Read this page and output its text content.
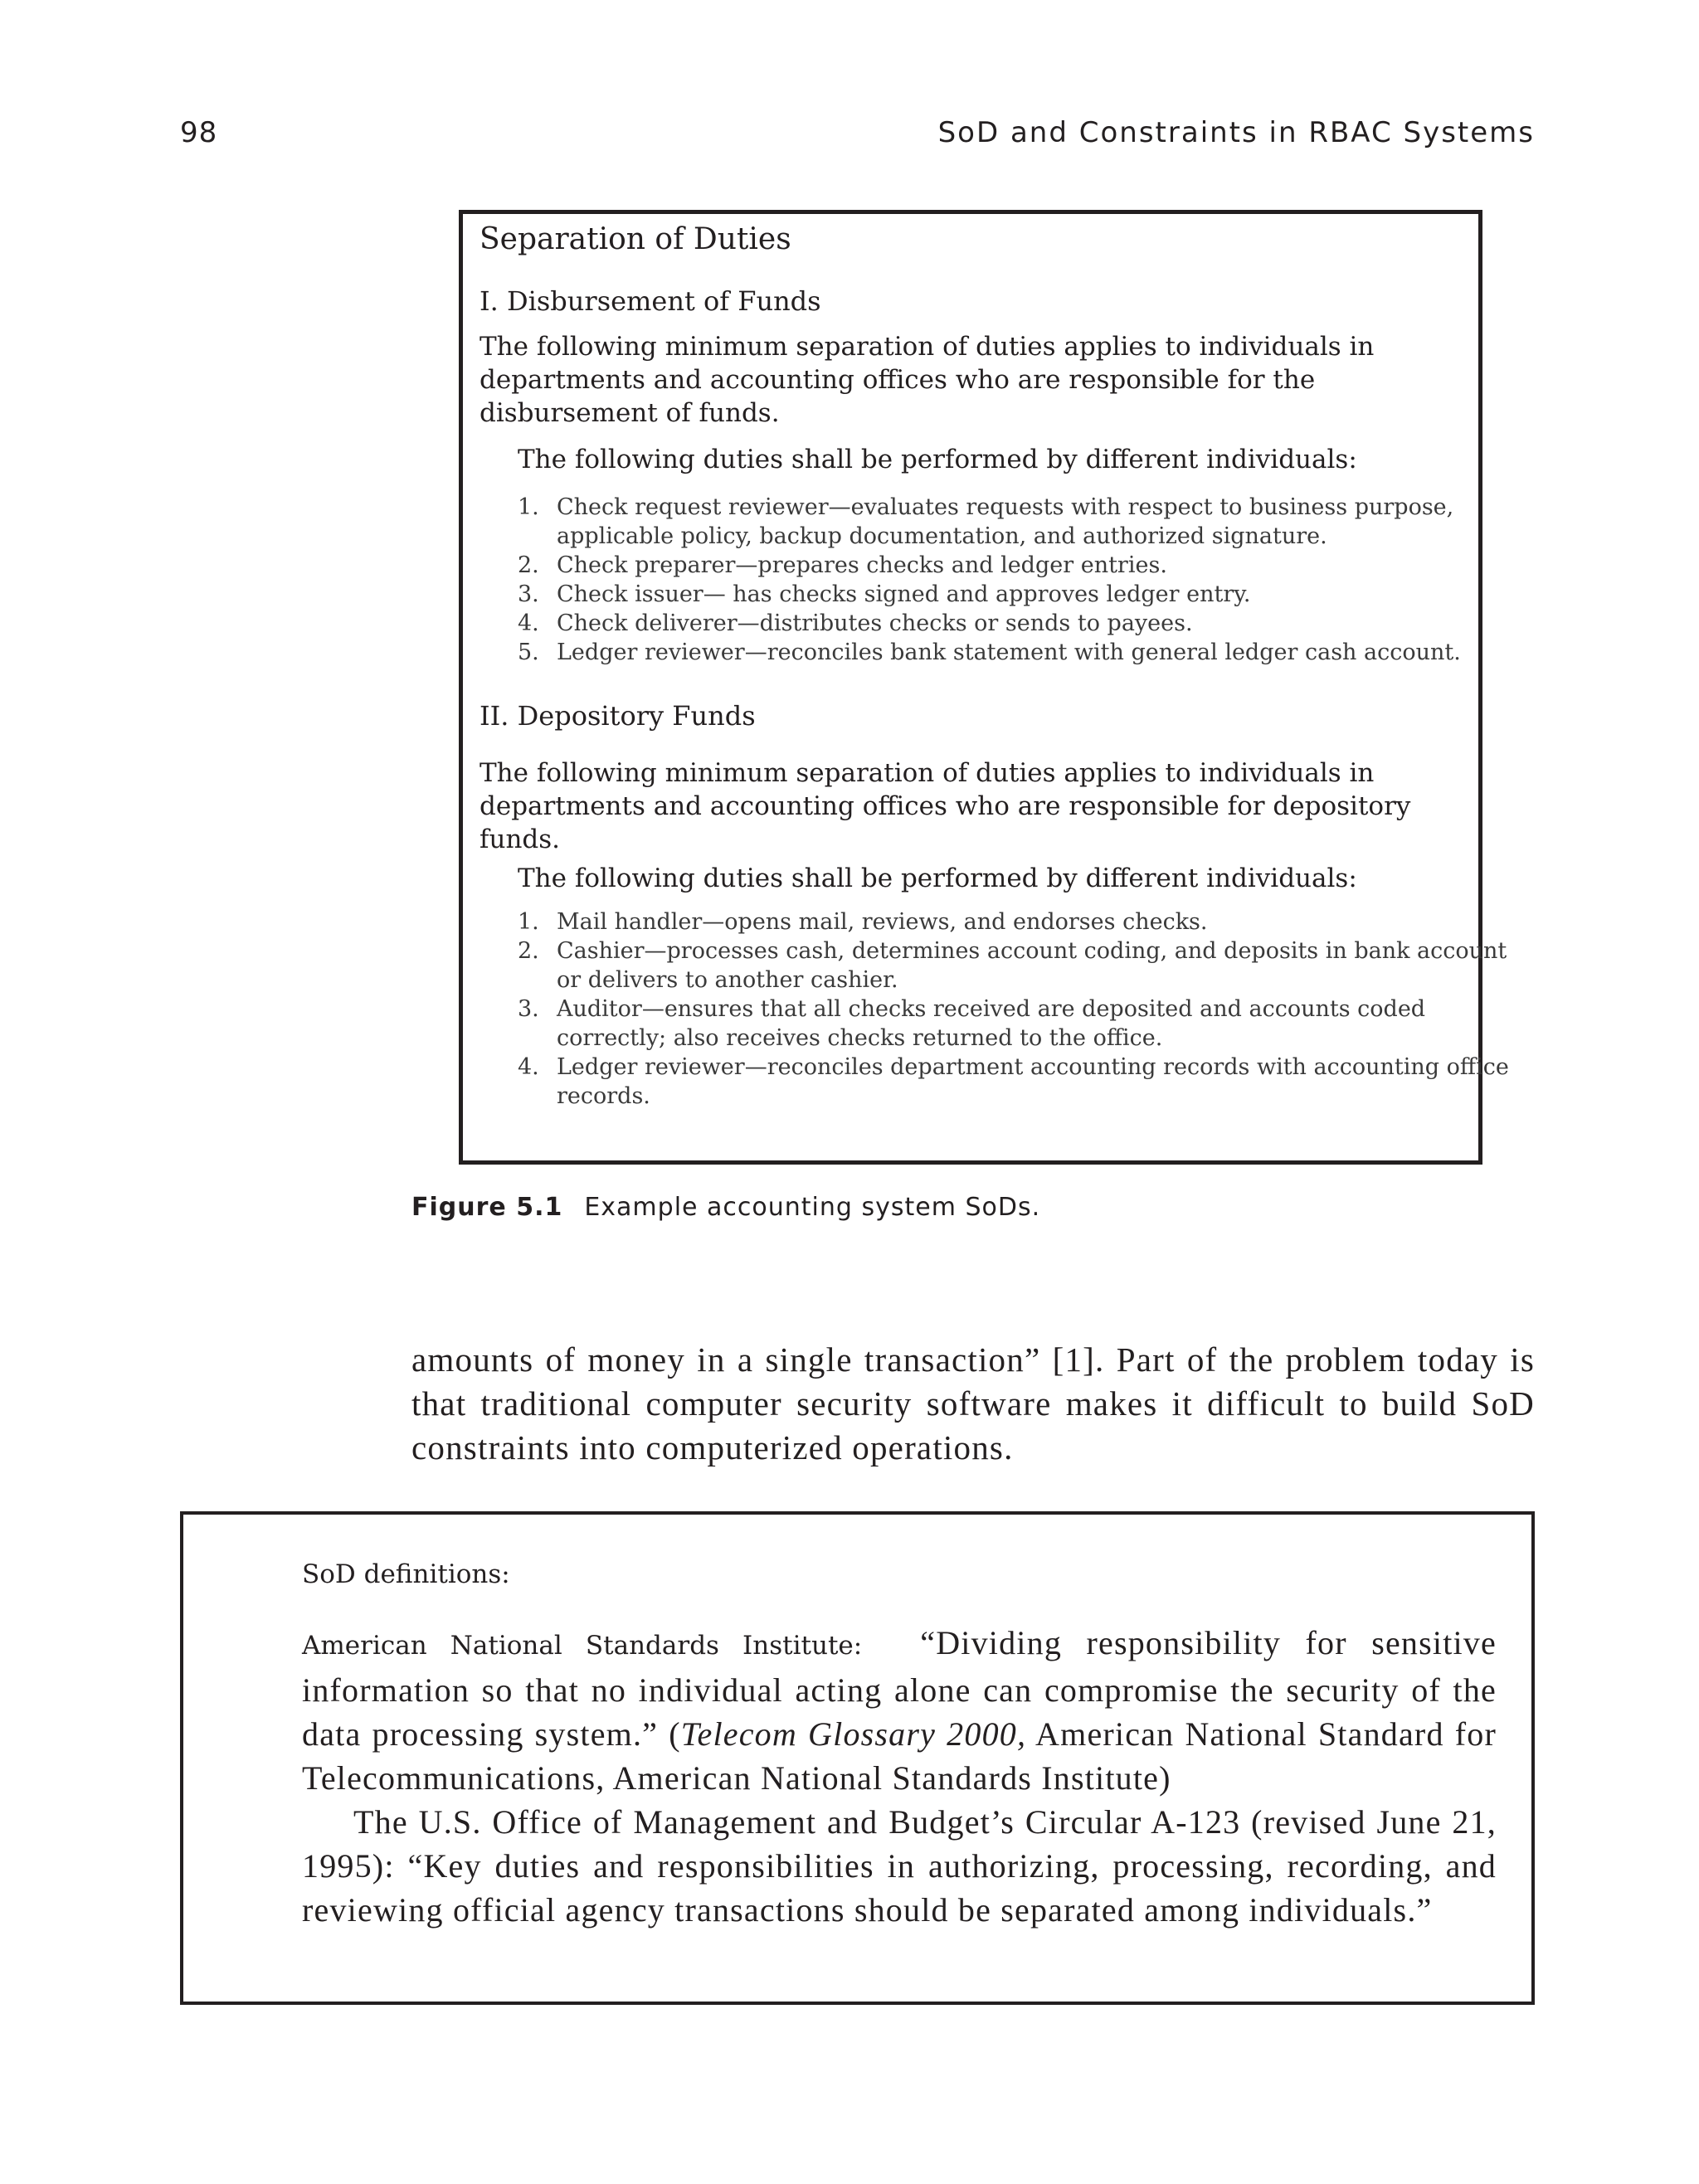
98	SoD and Constraints in RBAC Systems
Separation of Duties
I. Disbursement of Funds
The following minimum separation of duties applies to individuals in departments and accounting offices who are responsible for the disbursement of funds.
The following duties shall be performed by different individuals:
1. Check request reviewer—evaluates requests with respect to business purpose, applicable policy, backup documentation, and authorized signature.
2. Check preparer—prepares checks and ledger entries.
3. Check issuer— has checks signed and approves ledger entry.
4. Check deliverer—distributes checks or sends to payees.
5. Ledger reviewer—reconciles bank statement with general ledger cash account.
II. Depository Funds
The following minimum separation of duties applies to individuals in departments and accounting offices who are responsible for depository funds.
The following duties shall be performed by different individuals:
1. Mail handler—opens mail, reviews, and endorses checks.
2. Cashier—processes cash, determines account coding, and deposits in bank account or delivers to another cashier.
3. Auditor—ensures that all checks received are deposited and accounts coded correctly; also receives checks returned to the office.
4. Ledger reviewer—reconciles department accounting records with accounting office records.
Figure 5.1 Example accounting system SoDs.
amounts of money in a single transaction” [1]. Part of the problem today is that traditional computer security software makes it difficult to build SoD constraints into computerized operations.
SoD definitions:

American National Standards Institute: “Dividing responsibility for sensitive information so that no individual acting alone can compromise the security of the data processing system.” (Telecom Glossary 2000, American National Standard for Telecommunications, American National Standards Institute)

The U.S. Office of Management and Budget’s Circular A-123 (revised June 21, 1995): “Key duties and responsibilities in authorizing, processing, recording, and reviewing official agency transactions should be separated among individuals.”
